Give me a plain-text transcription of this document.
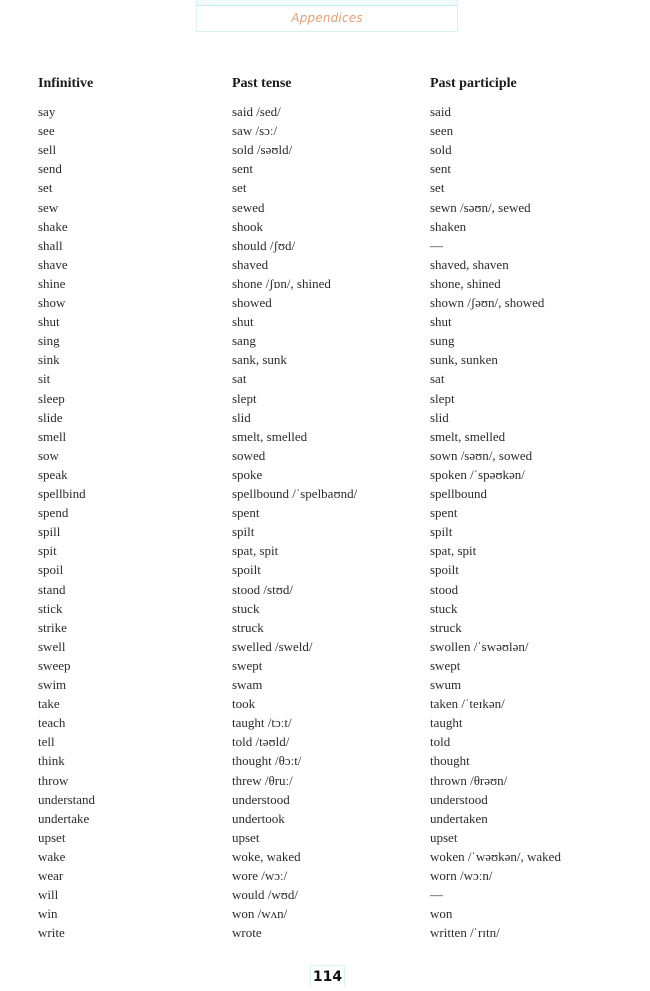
Appendices
Infinitive	Past tense	Past participle
say	said /sed/	said
see	saw /sɔː/	seen
sell	sold /səʊld/	sold
send	sent	sent
set	set	set
sew	sewed	sewn /səʊn/, sewed
shake	shook	shaken
shall	should /ʃʊd/	—
shave	shaved	shaved, shaven
shine	shone /ʃɒn/, shined	shone, shined
show	showed	shown /ʃəʊn/, showed
shut	shut	shut
sing	sang	sung
sink	sank, sunk	sunk, sunken
sit	sat	sat
sleep	slept	slept
slide	slid	slid
smell	smelt, smelled	smelt, smelled
sow	sowed	sown /səʊn/, sowed
speak	spoke	spoken /ˈspəʊkən/
spellbind	spellbound /ˈspelbaʊnd/	spellbound
spend	spent	spent
spill	spilt	spilt
spit	spat, spit	spat, spit
spoil	spoilt	spoilt
stand	stood /stʊd/	stood
stick	stuck	stuck
strike	struck	struck
swell	swelled /sweld/	swollen /ˈswəʊlən/
sweep	swept	swept
swim	swam	swum
take	took	taken /ˈteɪkən/
teach	taught /tɔːt/	taught
tell	told /təʊld/	told
think	thought /θɔːt/	thought
throw	threw /θruː/	thrown /θrəʊn/
understand	understood	understood
undertake	undertook	undertaken
upset	upset	upset
wake	woke, waked	woken /ˈwəʊkən/, waked
wear	wore /wɔː/	worn /wɔːn/
will	would /wʊd/	—
win	won /wʌn/	won
write	wrote	written /ˈrɪtn/
114
